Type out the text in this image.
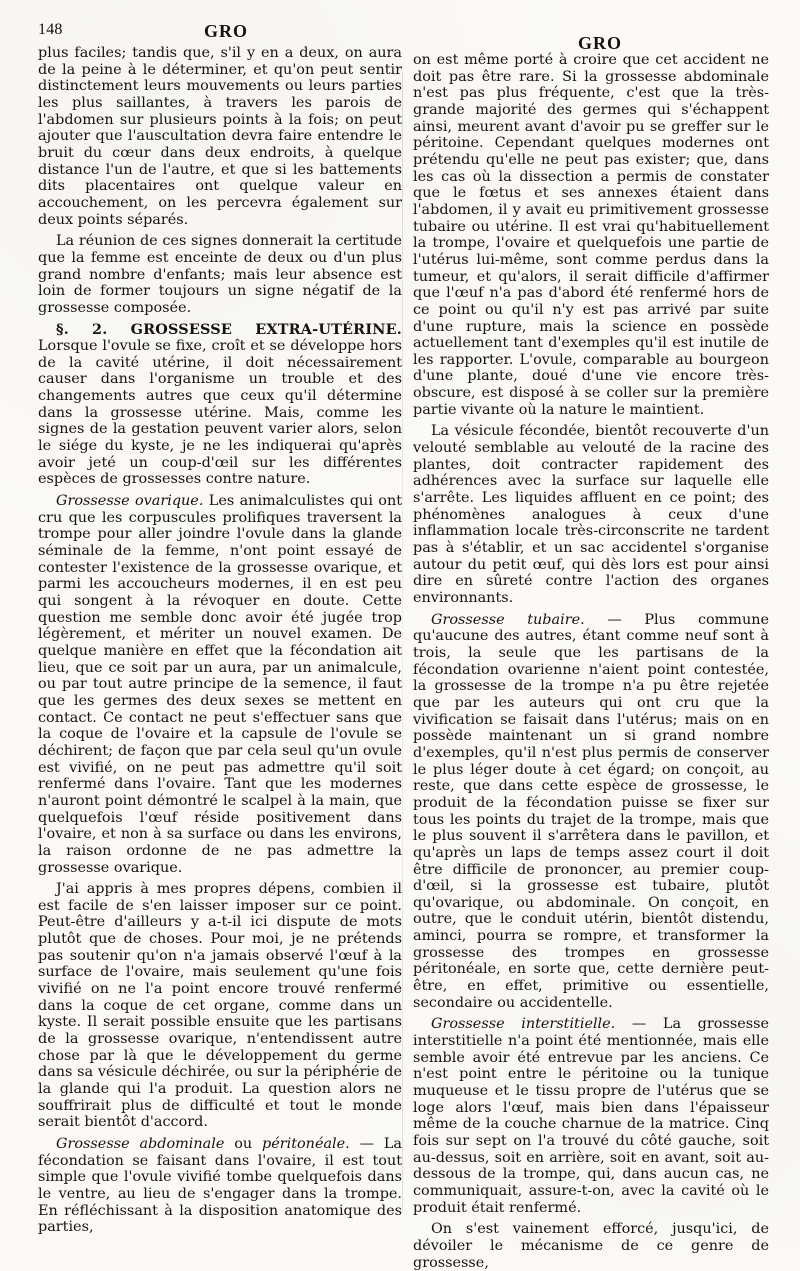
148	GRO
GRO

plus faciles; tandis que, s'il y en a deux, on aura de la peine à le déterminer, et qu'on peut sentir distinctement leurs mouvements ou leurs parties les plus saillantes, à travers les parois de l'abdomen sur plusieurs points à la fois; on peut ajouter que l'auscultation devra faire entendre le bruit du cœur dans deux endroits, à quelque distance l'un de l'autre, et que si les battements dits placentaires ont quelque valeur en accouchement, on les percevra également sur deux points séparés.

La réunion de ces signes donnerait la certitude que la femme est enceinte de deux ou d'un plus grand nombre d'enfants; mais leur absence est loin de former toujours un signe négatif de la grossesse composée.

§. 2. GROSSESSE EXTRA-UTÉRINE. Lorsque l'ovule se fixe, croît et se développe hors de la cavité utérine, il doit nécessairement causer dans l'organisme un trouble et des changements autres que ceux qu'il détermine dans la grossesse utérine. Mais, comme les signes de la gestation peuvent varier alors, selon le siége du kyste, je ne les indiquerai qu'après avoir jeté un coup-d'œil sur les différentes espèces de grossesses contre nature.

Grossesse ovarique. Les animalculistes qui ont cru que les corpuscules prolifiques traversent la trompe pour aller joindre l'ovule dans la glande séminale de la femme, n'ont point essayé de contester l'existence de la grossesse ovarique, et parmi les accoucheurs modernes, il en est peu qui songent à la révoquer en doute. Cette question me semble donc avoir été jugée trop légèrement, et mériter un nouvel examen. De quelque manière en effet que la fécondation ait lieu, que ce soit par un aura, par un animalcule, ou par tout autre principe de la semence, il faut que les germes des deux sexes se mettent en contact. Ce contact ne peut s'effectuer sans que la coque de l'ovaire et la capsule de l'ovule se déchirent; de façon que par cela seul qu'un ovule est vivifié, on ne peut pas admettre qu'il soit renfermé dans l'ovaire. Tant que les modernes n'auront point démontré le scalpel à la main, que quelquefois l'œuf réside positivement dans l'ovaire, et non à sa surface ou dans les environs, la raison ordonne de ne pas admettre la grossesse ovarique.

J'ai appris à mes propres dépens, combien il est facile de s'en laisser imposer sur ce point. Peut-être d'ailleurs y a-t-il ici dispute de mots plutôt que de choses. Pour moi, je ne prétends pas soutenir qu'on n'a jamais observé l'œuf à la surface de l'ovaire, mais seulement qu'une fois vivifié on ne l'a point encore trouvé renfermé dans la coque de cet organe, comme dans un kyste. Il serait possible ensuite que les partisans de la grossesse ovarique, n'entendissent autre chose par là que le développement du germe dans sa vésicule déchirée, ou sur la périphérie de la glande qui l'a produit. La question alors ne souffrirait plus de difficulté et tout le monde serait bientôt d'accord.

Grossesse abdominale ou péritonéale. — La fécondation se faisant dans l'ovaire, il est tout simple que l'ovule vivifié tombe quelquefois dans le ventre, au lieu de s'engager dans la trompe. En réfléchissant à la disposition anatomique des parties,

on est même porté à croire que cet accident ne doit pas être rare. Si la grossesse abdominale n'est pas plus fréquente, c'est que la très-grande majorité des germes qui s'échappent ainsi, meurent avant d'avoir pu se greffer sur le péritoine. Cependant quelques modernes ont prétendu qu'elle ne peut pas exister; que, dans les cas où la dissection a permis de constater que le fœtus et ses annexes étaient dans l'abdomen, il y avait eu primitivement grossesse tubaire ou utérine. Il est vrai qu'habituellement la trompe, l'ovaire et quelquefois une partie de l'utérus lui-même, sont comme perdus dans la tumeur, et qu'alors, il serait difficile d'affirmer que l'œuf n'a pas d'abord été renfermé hors de ce point ou qu'il n'y est pas arrivé par suite d'une rupture, mais la science en possède actuellement tant d'exemples qu'il est inutile de les rapporter. L'ovule, comparable au bourgeon d'une plante, doué d'une vie encore très-obscure, est disposé à se coller sur la première partie vivante où la nature le maintient.

La vésicule fécondée, bientôt recouverte d'un velouté semblable au velouté de la racine des plantes, doit contracter rapidement des adhérences avec la surface sur laquelle elle s'arrête. Les liquides affluent en ce point; des phénomènes analogues à ceux d'une inflammation locale très-circonscrite ne tardent pas à s'établir, et un sac accidentel s'organise autour du petit œuf, qui dès lors est pour ainsi dire en sûreté contre l'action des organes environnants.

Grossesse tubaire. — Plus commune qu'aucune des autres, étant comme neuf sont à trois, la seule que les partisans de la fécondation ovarienne n'aient point contestée, la grossesse de la trompe n'a pu être rejetée que par les auteurs qui ont cru que la vivification se faisait dans l'utérus; mais on en possède maintenant un si grand nombre d'exemples, qu'il n'est plus permis de conserver le plus léger doute à cet égard; on conçoit, au reste, que dans cette espèce de grossesse, le produit de la fécondation puisse se fixer sur tous les points du trajet de la trompe, mais que le plus souvent il s'arrêtera dans le pavillon, et qu'après un laps de temps assez court il doit être difficile de prononcer, au premier coup-d'œil, si la grossesse est tubaire, plutôt qu'ovarique, ou abdominale. On conçoit, en outre, que le conduit utérin, bientôt distendu, aminci, pourra se rompre, et transformer la grossesse des trompes en grossesse péritonéale, en sorte que, cette dernière peut-être, en effet, primitive ou essentielle, secondaire ou accidentelle.

Grossesse interstitielle. — La grossesse interstitielle n'a point été mentionnée, mais elle semble avoir été entrevue par les anciens. Ce n'est point entre le péritoine ou la tunique muqueuse et le tissu propre de l'utérus que se loge alors l'œuf, mais bien dans l'épaisseur même de la couche charnue de la matrice. Cinq fois sur sept on l'a trouvé du côté gauche, soit au-dessus, soit en arrière, soit en avant, soit au-dessous de la trompe, qui, dans aucun cas, ne communiquait, assure-t-on, avec la cavité où le produit était renfermé.

On s'est vainement efforcé, jusqu'ici, de dévoiler le mécanisme de ce genre de grossesse,
